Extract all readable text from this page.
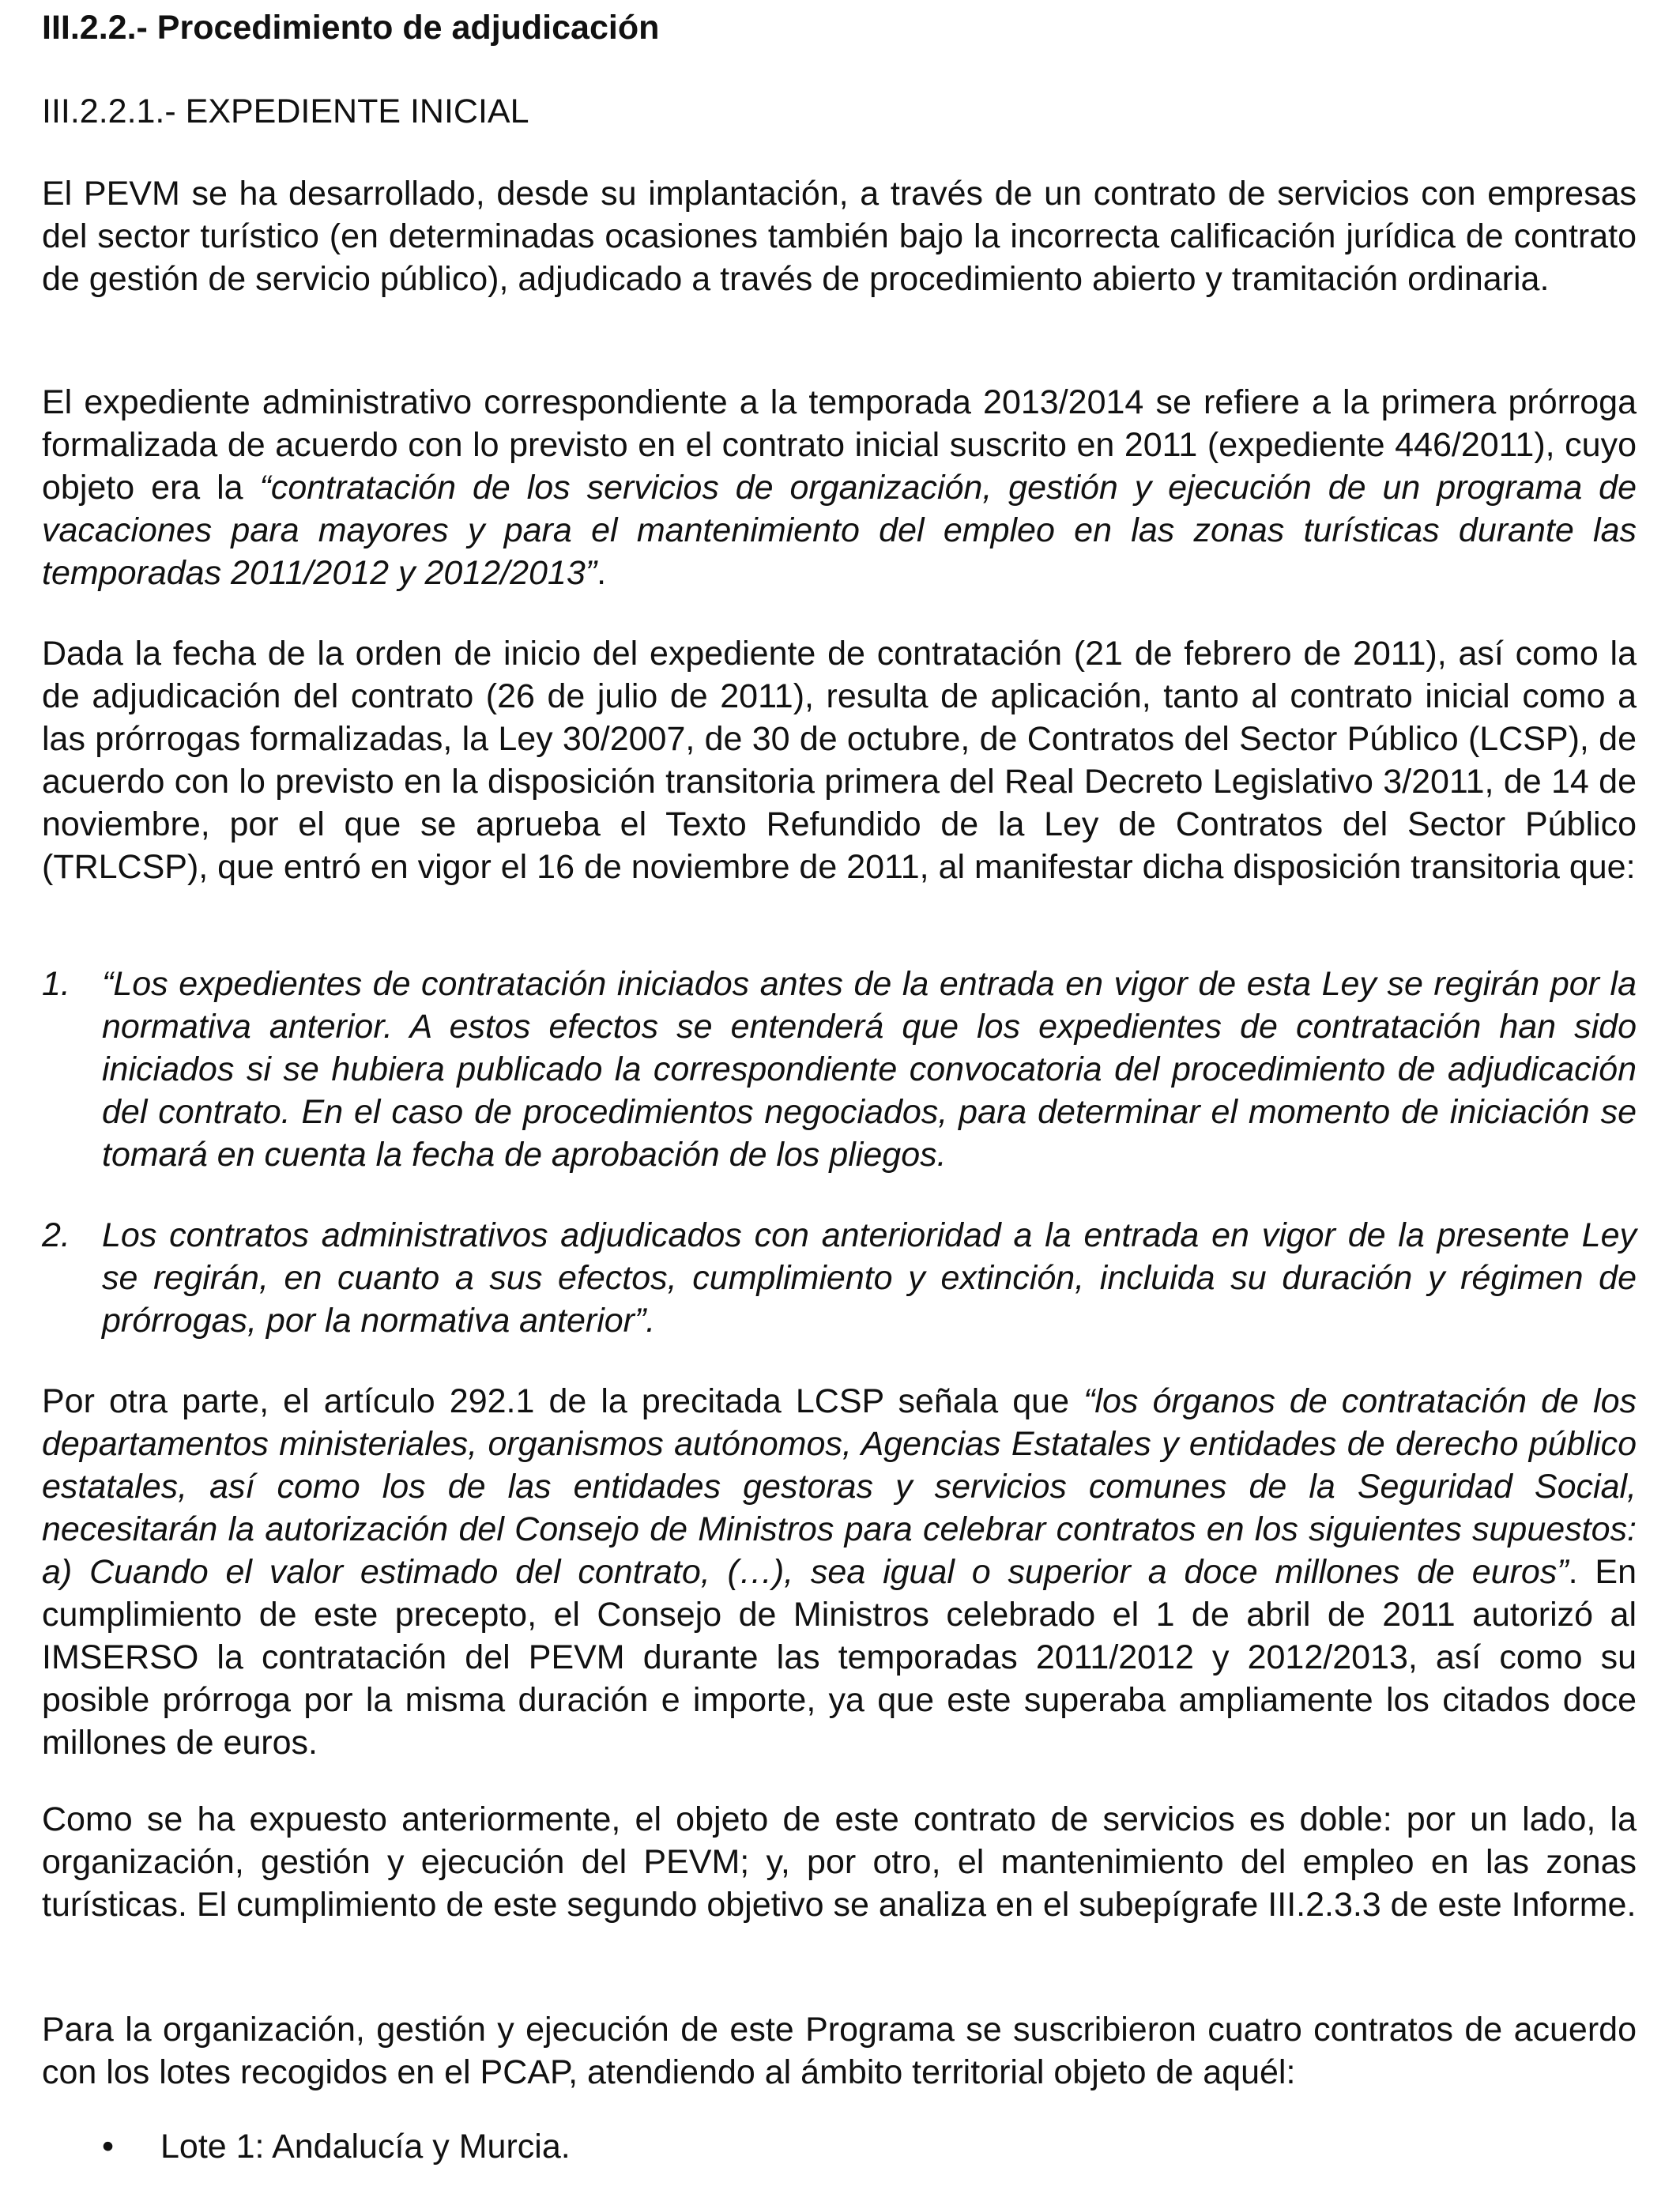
III.2.2.- Procedimiento de adjudicación
III.2.2.1.- EXPEDIENTE INICIAL

El PEVM se ha desarrollado, desde su implantación, a través de un contrato de servicios con empresas del sector turístico (en determinadas ocasiones también bajo la incorrecta calificación jurídica de contrato de gestión de servicio público), adjudicado a través de procedimiento abierto y tramitación ordinaria.

El expediente administrativo correspondiente a la temporada 2013/2014 se refiere a la primera prórroga formalizada de acuerdo con lo previsto en el contrato inicial suscrito en 2011 (expediente 446/2011), cuyo objeto era la “contratación de los servicios de organización, gestión y ejecución de un programa de vacaciones para mayores y para el mantenimiento del empleo en las zonas turísticas durante las temporadas 2011/2012 y 2012/2013”.

Dada la fecha de la orden de inicio del expediente de contratación (21 de febrero de 2011), así como la de adjudicación del contrato (26 de julio de 2011), resulta de aplicación, tanto al contrato inicial como a las prórrogas formalizadas, la Ley 30/2007, de 30 de octubre, de Contratos del Sector Público (LCSP), de acuerdo con lo previsto en la disposición transitoria primera del Real Decreto Legislativo 3/2011, de 14 de noviembre, por el que se aprueba el Texto Refundido de la Ley de Contratos del Sector Público (TRLCSP), que entró en vigor el 16 de noviembre de 2011, al manifestar dicha disposición transitoria que:

1. “Los expedientes de contratación iniciados antes de la entrada en vigor de esta Ley se regirán por la normativa anterior. A estos efectos se entenderá que los expedientes de contratación han sido iniciados si se hubiera publicado la correspondiente convocatoria del procedimiento de adjudicación del contrato. En el caso de procedimientos negociados, para determinar el momento de iniciación se tomará en cuenta la fecha de aprobación de los pliegos.

2. Los contratos administrativos adjudicados con anterioridad a la entrada en vigor de la presente Ley se regirán, en cuanto a sus efectos, cumplimiento y extinción, incluida su duración y régimen de prórrogas, por la normativa anterior”.

Por otra parte, el artículo 292.1 de la precitada LCSP señala que “los órganos de contratación de los departamentos ministeriales, organismos autónomos, Agencias Estatales y entidades de derecho público estatales, así como los de las entidades gestoras y servicios comunes de la Seguridad Social, necesitarán la autorización del Consejo de Ministros para celebrar contratos en los siguientes supuestos: a) Cuando el valor estimado del contrato, (…), sea igual o superior a doce millones de euros”. En cumplimiento de este precepto, el Consejo de Ministros celebrado el 1 de abril de 2011 autorizó al IMSERSO la contratación del PEVM durante las temporadas 2011/2012 y 2012/2013, así como su posible prórroga por la misma duración e importe, ya que este superaba ampliamente los citados doce millones de euros.

Como se ha expuesto anteriormente, el objeto de este contrato de servicios es doble: por un lado, la organización, gestión y ejecución del PEVM; y, por otro, el mantenimiento del empleo en las zonas turísticas. El cumplimiento de este segundo objetivo se analiza en el subepígrafe III.2.3.3 de este Informe.

Para la organización, gestión y ejecución de este Programa se suscribieron cuatro contratos de acuerdo con los lotes recogidos en el PCAP, atendiendo al ámbito territorial objeto de aquél:

• Lote 1: Andalucía y Murcia.
